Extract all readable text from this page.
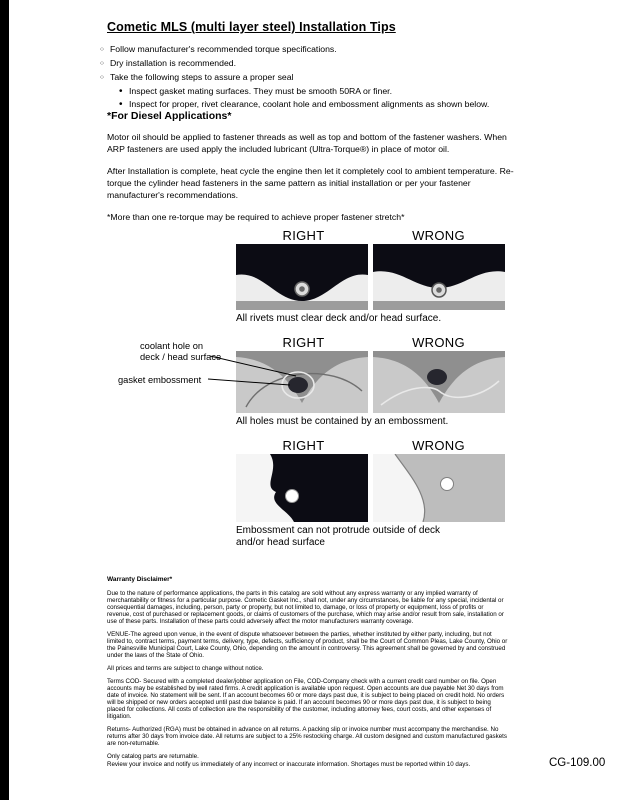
Cometic MLS (multi layer steel) Installation Tips
○
Follow manufacturer's recommended torque specifications.
○
Dry installation is recommended.
○
Take the following steps to assure a proper seal
•
Inspect gasket mating surfaces. They must be smooth 50RA or finer.
•
Inspect for proper, rivet clearance, coolant hole and embossment alignments as shown below.
*For Diesel Applications*

Motor oil should be applied to fastener threads as well as top and bottom of the fastener washers. When ARP fasteners are used apply the included lubricant (Ultra-Torque®) in place of motor oil.

After Installation is complete, heat cycle the engine then let it completely cool to ambient temperature. Re-torque the cylinder head fasteners in the same pattern as initial installation or per your fastener manufacturer's recommendations.

*More than one re-torque may be required to achieve proper fastener stretch*

RIGHT	WRONG
All rivets must clear deck and/or head surface.
RIGHT	WRONG
All holes must be contained by an embossment.
RIGHT	WRONG
Embossment can not protrude outside of deck and/or head surface
coolant hole on
deck / head surface
gasket embossment
Warranty Disclaimer*

Due to the nature of performance applications, the parts in this catalog are sold without any express warranty or any implied warranty of merchantability or fitness for a particular purpose. Cometic Gasket Inc., shall not, under any circumstances, be liable for any special, incidental or consequential damages, including, person, party or property, but not limited to, damage, or loss of property or equipment, loss of profits or revenue, cost of purchased or replacement goods, or claims of customers of the purchase, which may arise and/or result from sale, installation or use of these parts. Installation of these parts could adversely affect the motor manufacturers warranty coverage.

VENUE-The agreed upon venue, in the event of dispute whatsoever between the parties, whether instituted by either party, including, but not limited to, contract terms, payment terms, delivery, type, defects, sufficiency of product, shall be the Court of Common Pleas, Lake County, Ohio or the Painesville Municipal Court, Lake County, Ohio, depending on the amount in controversy. This agreement shall be governed by and construed under the laws of the State of Ohio.

All prices and terms are subject to change without notice.

Terms COD- Secured with a completed dealer/jobber application on File, COD-Company check with a current credit card number on file. Open accounts may be established by well rated firms. A credit application is available upon request. Open accounts are due payable Net 30 days from date of invoice. No statement will be sent. If an account becomes 60 or more days past due, it is subject to being placed on credit hold. No orders will be shipped or new orders accepted until past due balance is paid. If an account becomes 90 or more days past due, it is subject to being placed for collections. All costs of collection are the responsibility of the customer, including attorney fees, court costs, and other expenses of litigation.

Returns- Authorized (RGA) must be obtained in advance on all returns. A packing slip or invoice number must accompany the merchandise. No returns after 30 days from invoice date. All returns are subject to a 25% restocking charge. All custom designed and custom manufactured gaskets are non-returnable.

Only catalog parts are returnable.

Review your invoice and notify us immediately of any incorrect or inaccurate information. Shortages must be reported within 10 days.	CG-109.00
